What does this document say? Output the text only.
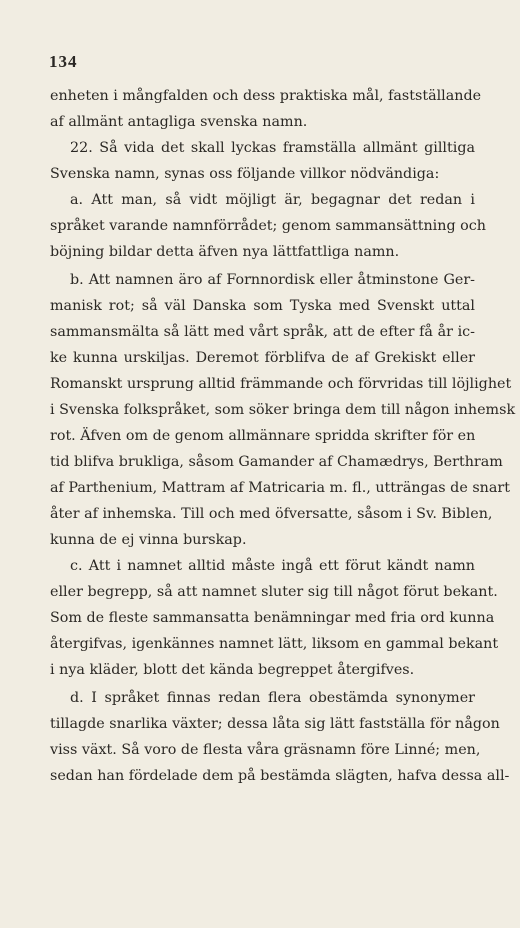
134
enheten i mångfalden och dess praktiska mål, fastställande
af allmänt antagliga svenska namn.
22. Så vida det skall lyckas framställa allmänt gilltiga
Svenska namn, synas oss följande villkor nödvändiga:
a. Att man, så vidt möjligt är, begagnar det redan i
språket varande namnförrådet; genom sammansättning och
böjning bildar detta äfven nya lättfattliga namn.
b. Att namnen äro af Fornnordisk eller åtminstone Ger-
manisk rot; så väl Danska som Tyska med Svenskt uttal
sammansmälta så lätt med vårt språk, att de efter få år ic-
ke kunna urskiljas. Deremot förblifva de af Grekiskt eller
Romanskt ursprung alltid främmande och förvridas till löjlighet
i Svenska folkspråket, som söker bringa dem till någon inhemsk
rot. Äfven om de genom allmännare spridda skrifter för en
tid blifva brukliga, såsom Gamander af Chamædrys, Berthram
af Parthenium, Mattram af Matricaria m. fl., utträngas de snart
åter af inhemska. Till och med öfversatte, såsom i Sv. Biblen,
kunna de ej vinna burskap.
c. Att i namnet alltid måste ingå ett förut kändt namn
eller begrepp, så att namnet sluter sig till något förut bekant.
Som de fleste sammansatta benämningar med fria ord kunna
återgifvas, igenkännes namnet lätt, liksom en gammal bekant
i nya kläder, blott det kända begreppet återgifves.
d. I språket finnas redan flera obestämda synonymer
tillagde snarlika växter; dessa låta sig lätt fastställa för någon
viss växt. Så voro de flesta våra gräsnamn före Linné; men,
sedan han fördelade dem på bestämda slägten, hafva dessa all-
